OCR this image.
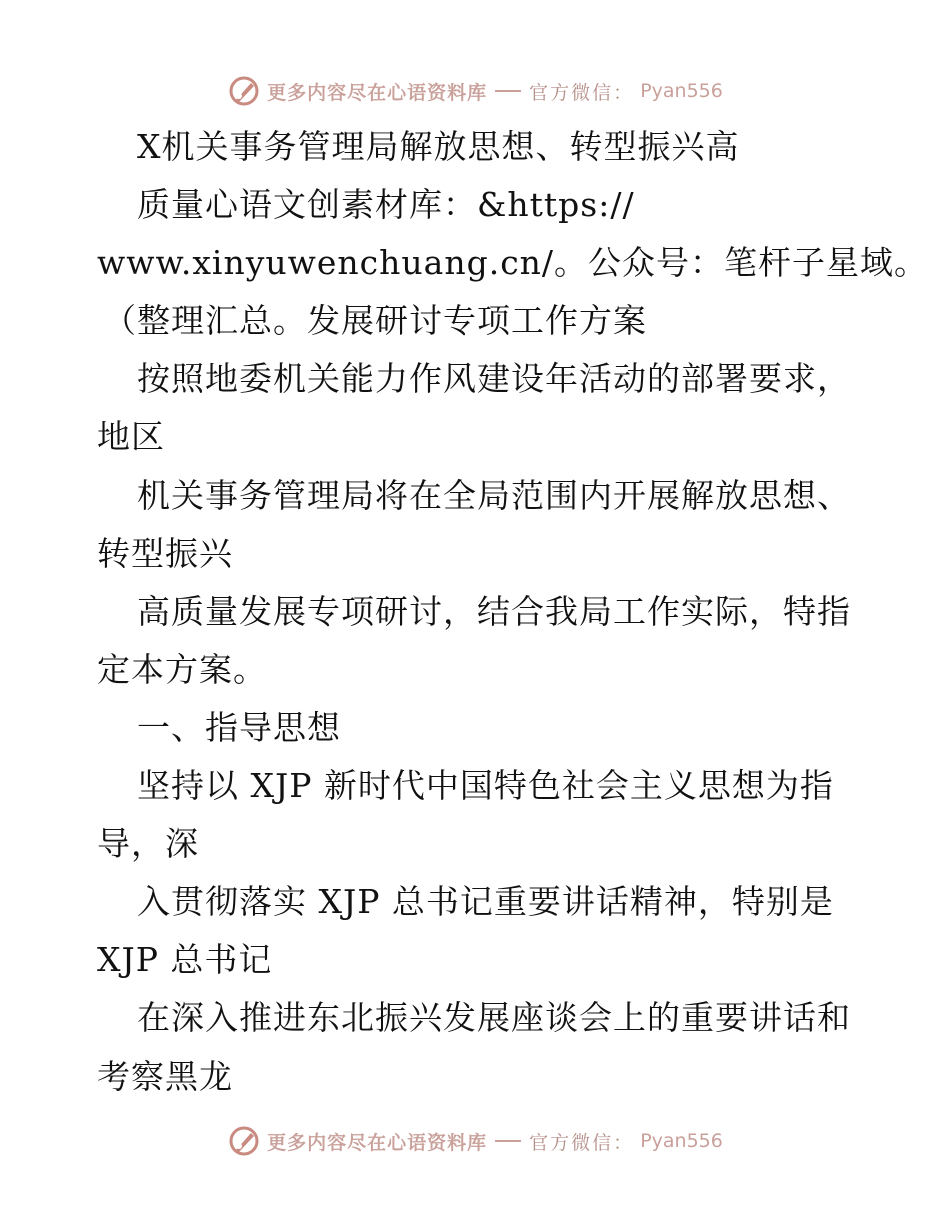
更多内容尽在心语资料库 官方微信： Pyan556
X机关事务管理局解放思想、转型振兴高
质量心语文创素材库：&https://
www.xinyuwenchuang.cn/。公众号：笔杆子星域。
（整理汇总。发展研讨专项工作方案
按照地委机关能力作风建设年活动的部署要求，
地区
机关事务管理局将在全局范围内开展解放思想、
转型振兴
高质量发展专项研讨，结合我局工作实际，特指
定本方案。
一、指导思想
坚持以 XJP 新时代中国特色社会主义思想为指
导，深
入贯彻落实 XJP 总书记重要讲话精神，特别是
XJP 总书记
在深入推进东北振兴发展座谈会上的重要讲话和
考察黑龙
更多内容尽在心语资料库 官方微信： Pyan556
